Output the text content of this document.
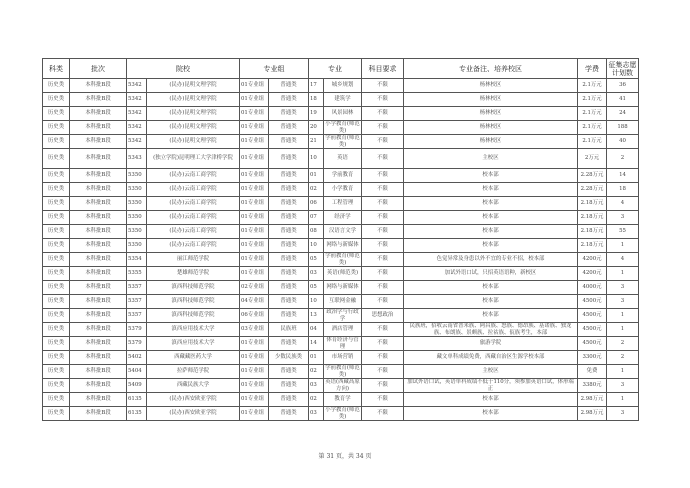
科类	批次	院校		专业组		专业		科目要求	专业备注、培养校区	学费	征集志愿计划数
历史类	本科批B段	5342	(民办)昆明文理学院	01专业组	普通类	17	城乡规划	不限	杨林校区	2.1万元	36
历史类	本科批B段	5342	(民办)昆明文理学院	01专业组	普通类	18	建筑学	不限	杨林校区	2.1万元	41
历史类	本科批B段	5342	(民办)昆明文理学院	01专业组	普通类	19	风景园林	不限	杨林校区	2.1万元	24
历史类	本科批B段	5342	(民办)昆明文理学院	01专业组	普通类	20	小学教育(师范类)	不限	杨林校区	2.1万元	188
历史类	本科批B段	5342	(民办)昆明文理学院	01专业组	普通类	21	学前教育(师范类)	不限	杨林校区	2.1万元	40
历史类	本科批B段	5343	(独立学院)昆明理工大学津桥学院	01专业组	普通类	10	英语	不限	主校区	2万元	2
历史类	本科批B段	5350	(民办)云南工商学院	01专业组	普通类	01	学前教育	不限	校本部	2.28万元	14
历史类	本科批B段	5350	(民办)云南工商学院	01专业组	普通类	02	小学教育	不限	校本部	2.28万元	18
历史类	本科批B段	5350	(民办)云南工商学院	01专业组	普通类	06	工程管理	不限	校本部	2.18万元	4
历史类	本科批B段	5350	(民办)云南工商学院	01专业组	普通类	07	经济学	不限	校本部	2.18万元	3
历史类	本科批B段	5350	(民办)云南工商学院	01专业组	普通类	08	汉语言文学	不限	校本部	2.18万元	55
历史类	本科批B段	5350	(民办)云南工商学院	01专业组	普通类	10	网络与新媒体	不限	校本部	2.18万元	1
历史类	本科批B段	5354	丽江师范学院	01专业组	普通类	05	学前教育(师范类)	不限	色觉异常及身患以外不宜的专业不招，校本部	4200元	4
历史类	本科批B段	5355	楚雄师范学院	01专业组	普通类	03	英语(师范类)	不限	加试外语口试，只招英语语种，新校区	4200元	1
历史类	本科批B段	5357	滇西科技师范学院	02专业组	普通类	05	网络与新媒体	不限	校本部	4000元	3
历史类	本科批B段	5357	滇西科技师范学院	04专业组	普通类	10	互联网金融	不限	校本部	4500元	3
历史类	本科批B段	5357	滇西科技师范学院	06专业组	普通类	13	政治学与行政学	思想政治	校本部	4500元	1
历史类	本科批B段	5379	滇西应用技术大学	03专业组	民族班	04	酒店管理	不限	民族班，招收云南省普米族、阿昌族、怒族、德昂族、基诺族、独龙族、布朗族、景颇族、拉祜族、佤族考生，本部	4500元	1
历史类	本科批B段	5379	滇西应用技术大学	01专业组	普通类	14	体育经济与管理	不限	旅游学院	4500元	2
历史类	本科批B段	5402	西藏藏医药大学	01专业组	少数民族类	01	市场营销	不限	藏文单科成绩免费，西藏自治区生源学校本部	3300元	2
历史类	本科批B段	5404	拉萨师范学院	01专业组	普通类	02	学前教育(师范类)	不限	主校区	免费	1
历史类	本科批B段	5409	西藏民族大学	01专业组	普通类	03	英语(西藏高原方向)	不限	加试外语口试，英语单科成绩不低于110分，须参加英语口试，体形端正	3380元	3
历史类	本科批B段	6135	(民办)西安欧亚学院	01专业组	普通类	02	教育学	不限	校本部	2.98万元	1
历史类	本科批B段	6135	(民办)西安欧亚学院	01专业组	普通类	03	小学教育(师范类)	不限	校本部	2.98万元	3
第 31 页，共 34 页
